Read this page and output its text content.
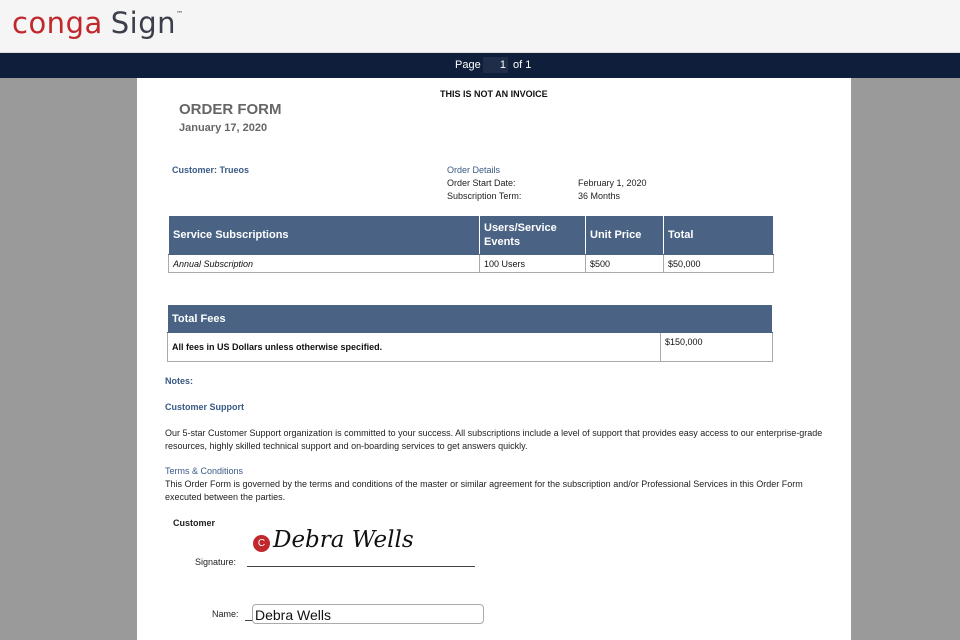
conga Sign™
Page	1 of 1
THIS IS NOT AN INVOICE
ORDER FORM
January 17, 2020
Customer: Trueos	Order Details
Order Start Date:	February 1, 2020
Subscription Term:	36 Months
Service Subscriptions	Users/Service Events	Unit Price	Total
Annual Subscription	100 Users	$500	$50,000
Total Fees
All fees in US Dollars unless otherwise specified.	$150,000
Notes:
Customer Support
Our 5-star Customer Support organization is committed to your success. All subscriptions include a level of support that provides easy access to our enterprise-grade resources, highly skilled technical support and on-boarding services to get answers quickly.
Terms & Conditions
This Order Form is governed by the terms and conditions of the master or similar agreement for the subscription and/or Professional Services in this Order Form executed between the parties.
Customer
Signature:
C Debra Wells
Name: Debra Wells
